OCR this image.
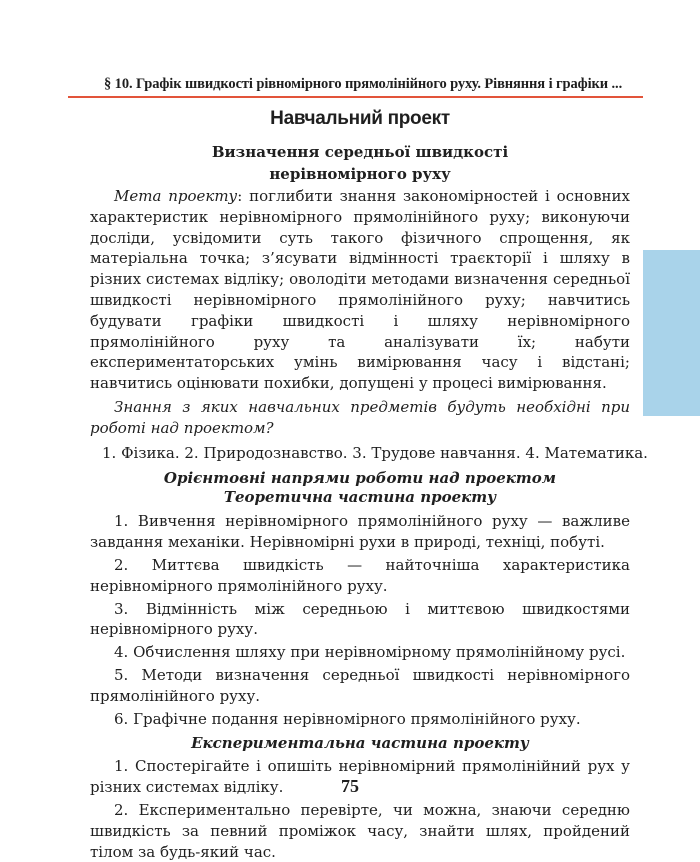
§ 10. Графік швидкості рівномірного прямолінійного руху. Рівняння і графіки ...
Навчальний проект
Визначення середньої швидкості
нерівномірного руху

Мета проекту: поглибити знання закономірностей і основних характеристик нерівномірного прямолінійного руху; виконуючи досліди, усвідомити суть такого фізичного спрощення, як матеріальна точка; з’ясувати відмінності траєкторії і шляху в різних системах відліку; оволодіти методами визначення середньої швидкості нерівномірного прямолінійного руху; навчитись будувати графіки швидкості і шляху нерівномірного прямолінійного руху та аналізувати їх; набути експериментаторських умінь вимірювання часу і відстані; навчитись оцінювати похибки, допущені у процесі вимірювання.

Знання з яких навчальних предметів будуть необхідні при роботі над проектом?

1. Фізика. 2. Природознавство. 3. Трудове навчання. 4. Математика.

Орієнтовні напрями роботи над проектом
Теоретична частина проекту

1. Вивчення нерівномірного прямолінійного руху — важливе завдання механіки. Нерівномірні рухи в природі, техніці, побуті.

2. Миттєва швидкість — найточніша характеристика нерівномірного прямолінійного руху.

3. Відмінність між середньою і миттєвою швидкостями нерівномірного руху.

4. Обчислення шляху при нерівномірному прямолінійному русі.

5. Методи визначення середньої швидкості нерівномірного прямолінійного руху.

6. Графічне подання нерівномірного прямолінійного руху.

Експериментальна частина проекту

1. Спостерігайте і опишіть нерівномірний прямолінійний рух у різних системах відліку.

2. Експериментально перевірте, чи можна, знаючи середню швидкість за певний проміжок часу, знайти шлях, пройдений тілом за будь-який час.

75
